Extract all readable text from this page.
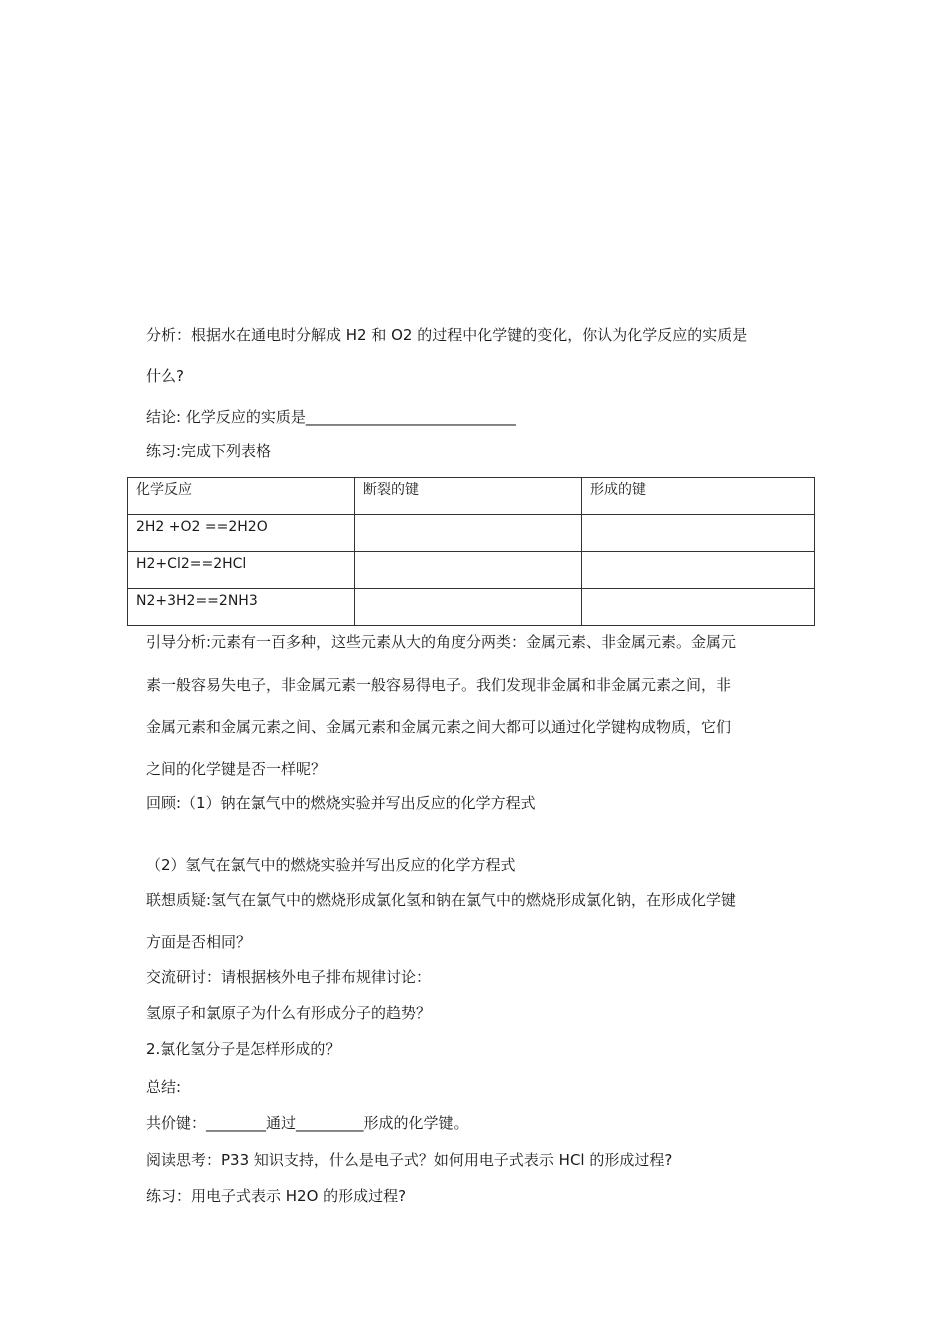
分析：根据水在通电时分解成 H2 和 O2 的过程中化学键的变化，你认为化学反应的实质是
什么?
结论: 化学反应的实质是____________________________
练习:完成下列表格
化学反应	断裂的键	形成的键
2H2 +O2 ==2H2O		
H2+Cl2==2HCl		
N2+3H2==2NH3		
引导分析:元素有一百多种，这些元素从大的角度分两类：金属元素、非金属元素。金属元
素一般容易失电子，非金属元素一般容易得电子。我们发现非金属和非金属元素之间，非
金属元素和金属元素之间、金属元素和金属元素之间大都可以通过化学键构成物质，它们
之间的化学键是否一样呢？
回顾:（1）钠在氯气中的燃烧实验并写出反应的化学方程式
（2）氢气在氯气中的燃烧实验并写出反应的化学方程式
联想质疑:氢气在氯气中的燃烧形成氯化氢和钠在氯气中的燃烧形成氯化钠，在形成化学键
方面是否相同？
交流研讨：请根据核外电子排布规律讨论：
氢原子和氯原子为什么有形成分子的趋势？
2.氯化氢分子是怎样形成的？
总结:
共价键：________通过_________形成的化学键。
阅读思考：P33 知识支持，什么是电子式？如何用电子式表示 HCl 的形成过程?
练习：用电子式表示 H2O 的形成过程?
